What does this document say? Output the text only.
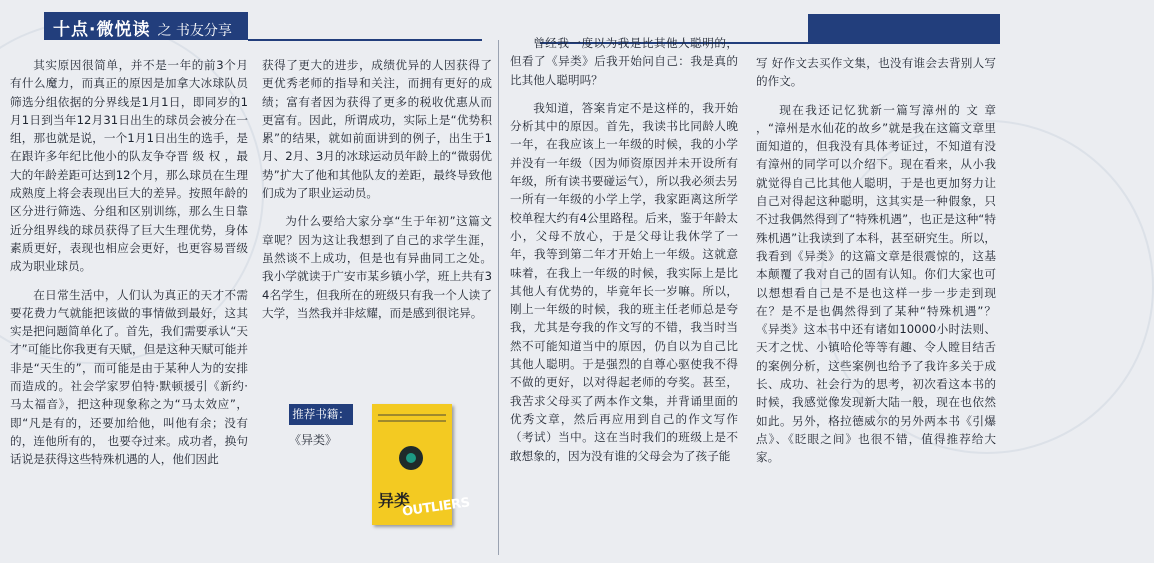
十点·微悦读 之 书友分享

其实原因很简单，并不是一年的前3个月有什么魔力，而真正的原因是加拿大冰球队员筛选分组依据的分界线是1月1日，即同岁的1月1日到当年12月31日出生的球员会被分在一组，那也就是说，一个1月1日出生的选手，是在跟许多年纪比他小的队友争夺晋 级 权 ，最大的年龄差距可达到12个月，那么球员在生理成熟度上将会表现出巨大的差异。按照年龄的区分进行筛选、分组和区别训练，那么生日靠近分组界线的球员获得了巨大生理优势，身体素质更好，表现也相应会更好，也更容易晋级成为职业球员。

在日常生活中，人们认为真正的天才不需要花费力气就能把该做的事情做到最好，这其实是把问题简单化了。首先，我们需要承认“天才”可能比你我更有天赋，但是这种天赋可能并非是“天生的”，而可能是由于某种人为的安排而造成的。社会学家罗伯特·默顿援引《新约·马太福音》，把这种现象称之为“马太效应”，即“凡是有的，还要加给他，叫他有余；没有的，连他所有的， 也要夺过来。成功者，换句话说是获得这些特殊机遇的人，他们因此

获得了更大的进步，成绩优异的人因获得了更优秀老师的指导和关注，而拥有更好的成绩；富有者因为获得了更多的税收优惠从而更富有。因此，所谓成功，实际上是“优势积累”的结果，就如前面讲到的例子，出生于1月、2月、3月的冰球运动员年龄上的“微弱优势”扩大了他和其他队友的差距，最终导致他们成为了职业运动员。

为什么要给大家分享“生于年初”这篇文章呢？因为这让我想到了自己的求学生涯，虽然谈不上成功，但是也有异曲同工之处。我小学就读于广安市某乡镇小学，班上共有34名学生，但我所在的班级只有我一个人读了大学，当然我并非炫耀，而是感到很诧异。

推荐书籍：
《异类》
异类
OUTLIERS

曾经我一度以为我是比其他人聪明的，但看了《异类》后我开始问自己：我是真的比其他人聪明吗？

我知道，答案肯定不是这样的，我开始分析其中的原因。首先，我读书比同龄人晚一年，在我应该上一年级的时候，我的小学并没有一年级（因为师资原因并未开设所有年级，所有读书要碰运气），所以我必须去另一所有一年级的小学上学，我家距离这所学校单程大约有4公里路程。后来，鉴于年龄太小，父母不放心，于是父母让我休学了一年，我等到第二年才开始上一年级。这就意味着，在我上一年级的时候，我实际上是比其他人有优势的，毕竟年长一岁嘛。所以，刚上一年级的时候，我的班主任老师总是夸我，尤其是夸我的作文写的不错，我当时当然不可能知道当中的原因，仍自以为自己比其他人聪明。于是强烈的自尊心驱使我不得不做的更好，以对得起老师的夸奖。甚至，我苦求父母买了两本作文集，并背诵里面的优秀文章，然后再应用到自己的作文写作（考试）当中。这在当时我们的班级上是不敢想象的，因为没有谁的父母会为了孩子能

写 好作文去买作文集，也没有谁会去背别人写的作文。

现在我还记忆犹新一篇写漳州的 文 章 ，“漳州是水仙花的故乡”就是我在这篇文章里面知道的，但我没有具体考证过，不知道有没有漳州的同学可以介绍下。现在看来，从小我就觉得自己比其他人聪明，于是也更加努力让自己对得起这种聪明，这其实是一种假象，只不过我偶然得到了“特殊机遇”，也正是这种“特殊机遇”让我读到了本科，甚至研究生。所以，我看到《异类》的这篇文章是很震惊的，这基本颠覆了我对自己的固有认知。你们大家也可以想想看自己是不是也这样一步一步走到现在？是不是也偶然得到了某种“特殊机遇”？《异类》这本书中还有诸如10000小时法则、天才之忧、小镇哈伦等等有趣、令人瞠目结舌的案例分析，这些案例也给予了我许多关于成长、成功、社会行为的思考，初次看这本书的时候，我感觉像发现新大陆一般，现在也依然如此。另外，格拉德威尔的另外两本书《引爆点》、《眨眼之间》也很不错，值得推荐给大家。
